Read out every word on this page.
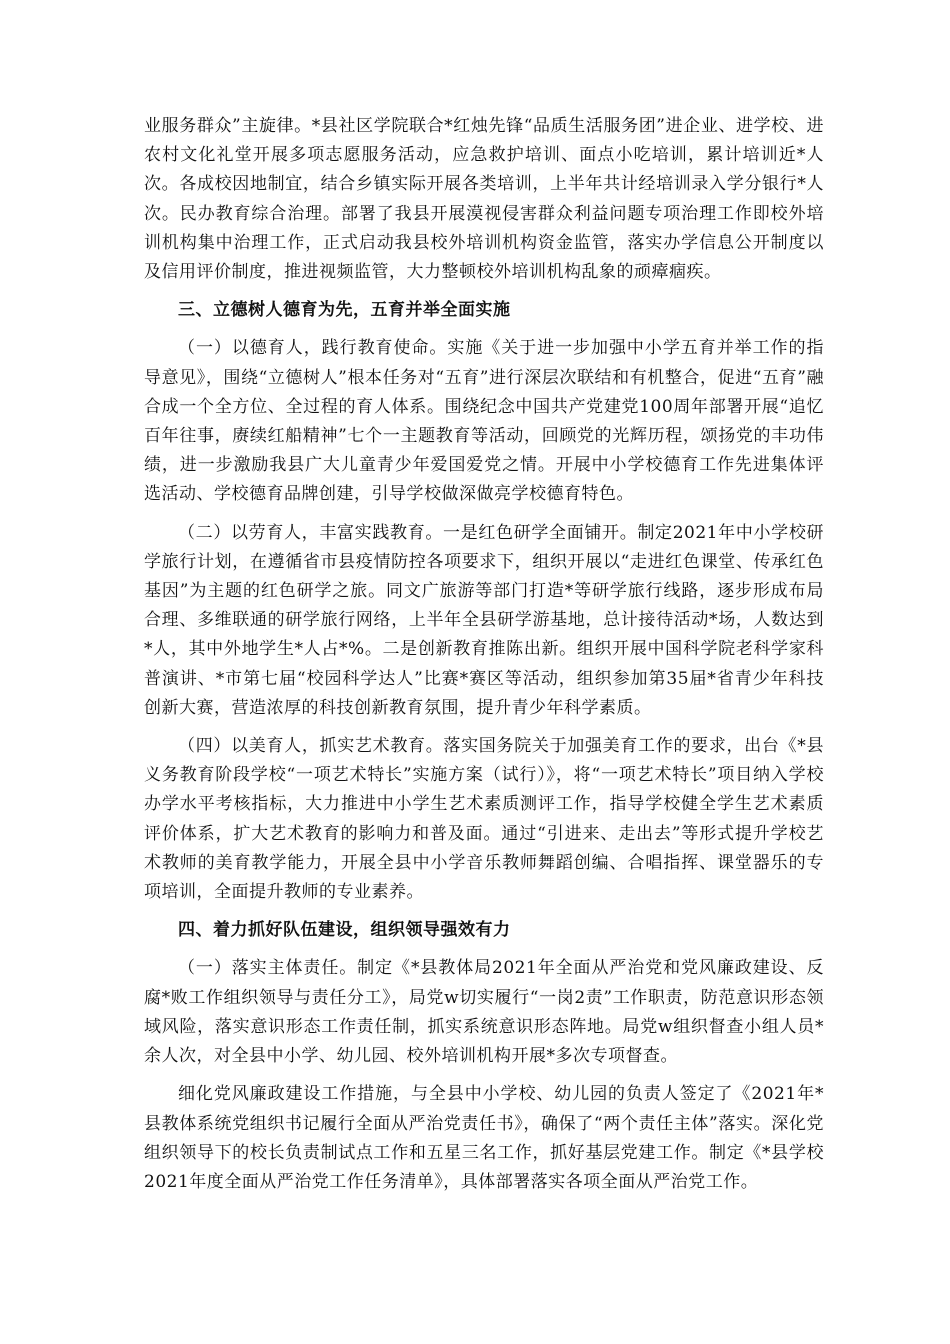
业服务群众”主旋律。*县社区学院联合*红烛先锋“品质生活服务团”进企业、进学校、进农村文化礼堂开展多项志愿服务活动，应急救护培训、面点小吃培训，累计培训近*人次。各成校因地制宜，结合乡镇实际开展各类培训，上半年共计经培训录入学分银行*人次。民办教育综合治理。部署了我县开展漠视侵害群众利益问题专项治理工作即校外培训机构集中治理工作，正式启动我县校外培训机构资金监管，落实办学信息公开制度以及信用评价制度，推进视频监管，大力整顿校外培训机构乱象的顽瘴痼疾。

三、立德树人德育为先，五育并举全面实施

（一）以德育人，践行教育使命。实施《关于进一步加强中小学五育并举工作的指导意见》，围绕“立德树人”根本任务对“五育”进行深层次联结和有机整合，促进“五育”融合成一个全方位、全过程的育人体系。围绕纪念中国共产党建党100周年部署开展“追忆百年往事，赓续红船精神”七个一主题教育等活动，回顾党的光辉历程，颂扬党的丰功伟绩，进一步激励我县广大儿童青少年爱国爱党之情。开展中小学校德育工作先进集体评选活动、学校德育品牌创建，引导学校做深做亮学校德育特色。

（二）以劳育人，丰富实践教育。一是红色研学全面铺开。制定2021年中小学校研学旅行计划，在遵循省市县疫情防控各项要求下，组织开展以“走进红色课堂、传承红色基因”为主题的红色研学之旅。同文广旅游等部门打造*等研学旅行线路，逐步形成布局合理、多维联通的研学旅行网络，上半年全县研学游基地，总计接待活动*场，人数达到*人，其中外地学生*人占*%。二是创新教育推陈出新。组织开展中国科学院老科学家科普演讲、*市第七届“校园科学达人”比赛*赛区等活动，组织参加第35届*省青少年科技创新大赛，营造浓厚的科技创新教育氛围，提升青少年科学素质。

（四）以美育人，抓实艺术教育。落实国务院关于加强美育工作的要求，出台《*县义务教育阶段学校“一项艺术特长”实施方案（试行）》，将“一项艺术特长”项目纳入学校办学水平考核指标，大力推进中小学生艺术素质测评工作，指导学校健全学生艺术素质评价体系，扩大艺术教育的影响力和普及面。通过“引进来、走出去”等形式提升学校艺术教师的美育教学能力，开展全县中小学音乐教师舞蹈创编、合唱指挥、课堂器乐的专项培训，全面提升教师的专业素养。

四、着力抓好队伍建设，组织领导强效有力

（一）落实主体责任。制定《*县教体局2021年全面从严治党和党风廉政建设、反腐*败工作组织领导与责任分工》，局党w切实履行“一岗2责”工作职责，防范意识形态领域风险，落实意识形态工作责任制，抓实系统意识形态阵地。局党w组织督查小组人员*余人次，对全县中小学、幼儿园、校外培训机构开展*多次专项督查。

细化党风廉政建设工作措施，与全县中小学校、幼儿园的负责人签定了《2021年*县教体系统党组织书记履行全面从严治党责任书》，确保了“两个责任主体”落实。深化党组织领导下的校长负责制试点工作和五星三名工作，抓好基层党建工作。制定《*县学校2021年度全面从严治党工作任务清单》，具体部署落实各项全面从严治党工作。
